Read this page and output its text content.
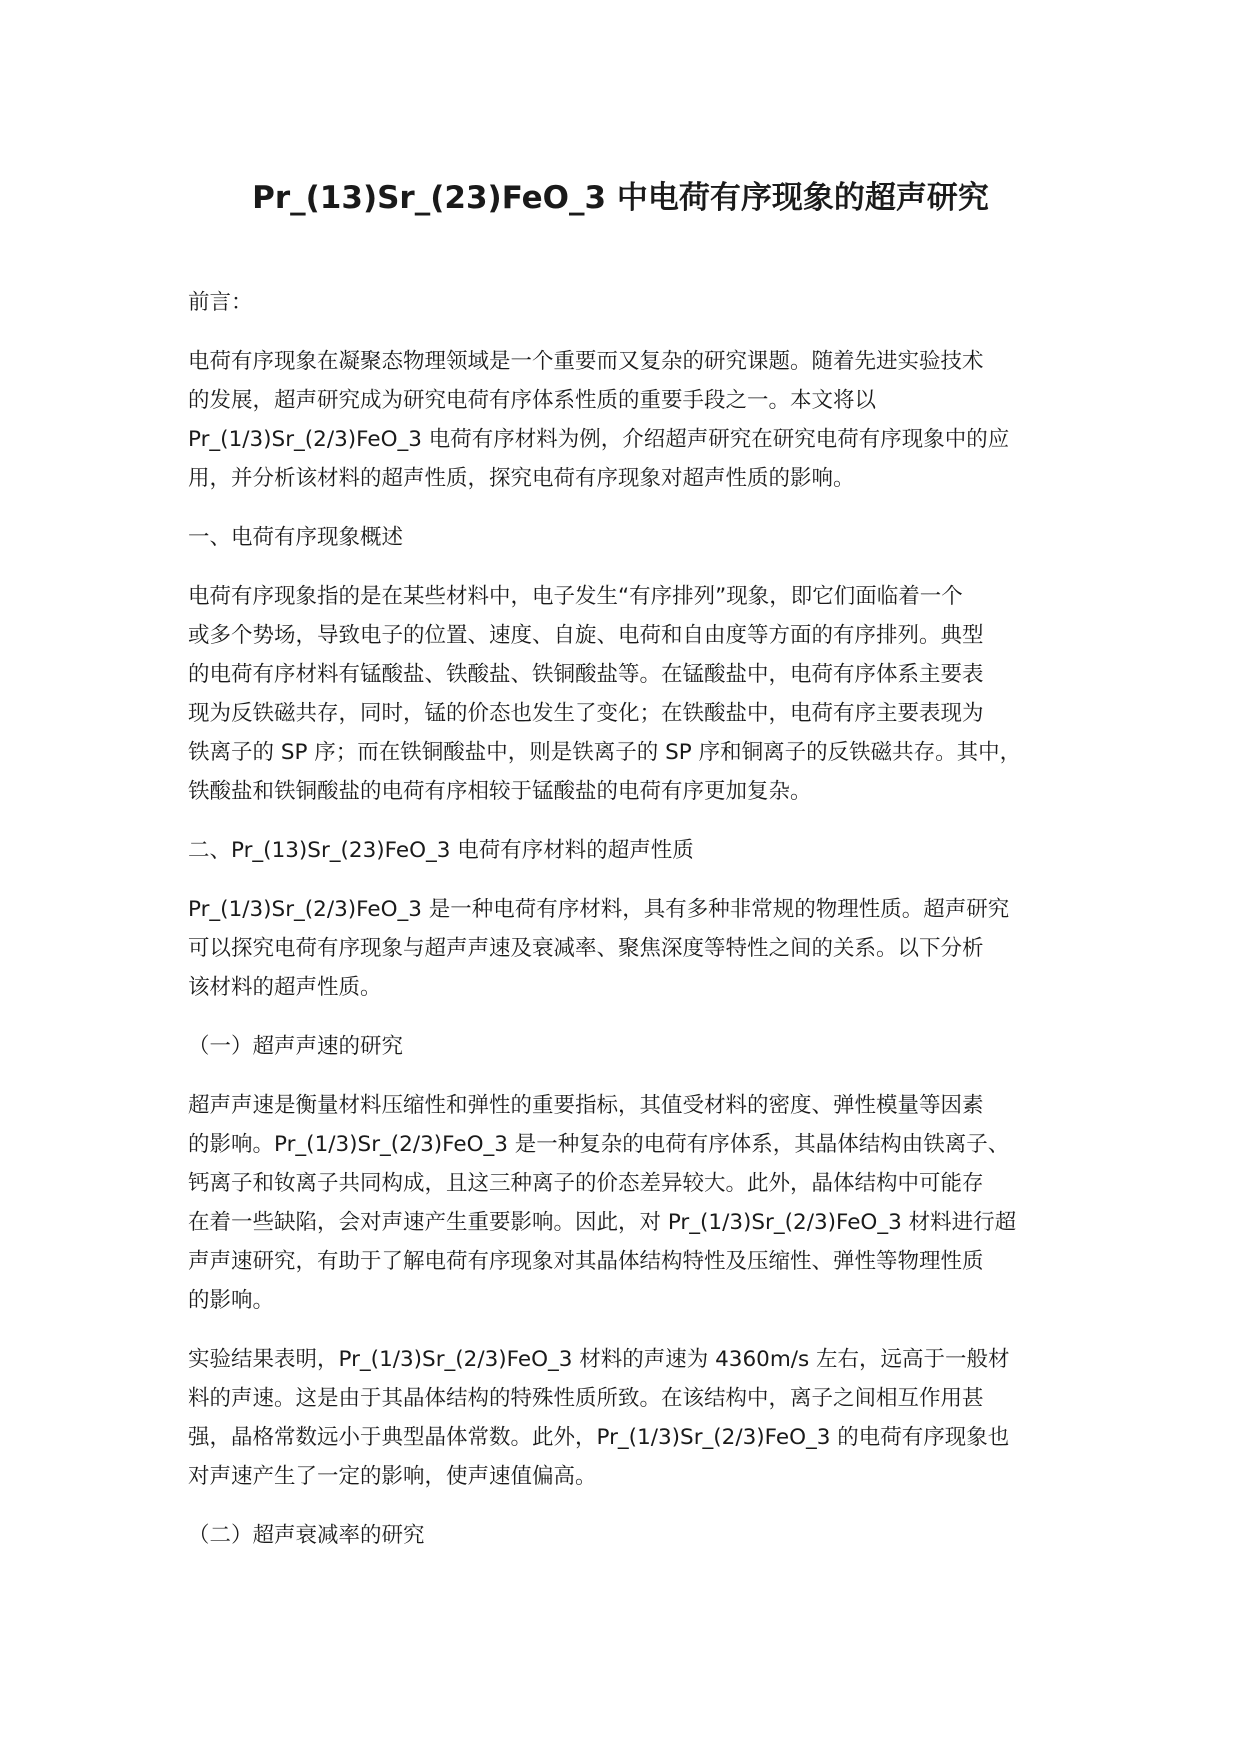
Pr_(13)Sr_(23)FeO_3 中电荷有序现象的超声研究

前言：

电荷有序现象在凝聚态物理领域是一个重要而又复杂的研究课题。随着先进实验技术
的发展，超声研究成为研究电荷有序体系性质的重要手段之一。本文将以
Pr_(1/3)Sr_(2/3)FeO_3 电荷有序材料为例，介绍超声研究在研究电荷有序现象中的应
用，并分析该材料的超声性质，探究电荷有序现象对超声性质的影响。

一、电荷有序现象概述

电荷有序现象指的是在某些材料中，电子发生“有序排列”现象，即它们面临着一个
或多个势场，导致电子的位置、速度、自旋、电荷和自由度等方面的有序排列。典型
的电荷有序材料有锰酸盐、铁酸盐、铁铜酸盐等。在锰酸盐中，电荷有序体系主要表
现为反铁磁共存，同时，锰的价态也发生了变化；在铁酸盐中，电荷有序主要表现为
铁离子的 SP 序；而在铁铜酸盐中，则是铁离子的 SP 序和铜离子的反铁磁共存。其中，
铁酸盐和铁铜酸盐的电荷有序相较于锰酸盐的电荷有序更加复杂。

二、Pr_(13)Sr_(23)FeO_3 电荷有序材料的超声性质

Pr_(1/3)Sr_(2/3)FeO_3 是一种电荷有序材料，具有多种非常规的物理性质。超声研究
可以探究电荷有序现象与超声声速及衰减率、聚焦深度等特性之间的关系。以下分析
该材料的超声性质。

（一）超声声速的研究

超声声速是衡量材料压缩性和弹性的重要指标，其值受材料的密度、弹性模量等因素
的影响。Pr_(1/3)Sr_(2/3)FeO_3 是一种复杂的电荷有序体系，其晶体结构由铁离子、
钙离子和钕离子共同构成，且这三种离子的价态差异较大。此外，晶体结构中可能存
在着一些缺陷，会对声速产生重要影响。因此，对 Pr_(1/3)Sr_(2/3)FeO_3 材料进行超
声声速研究，有助于了解电荷有序现象对其晶体结构特性及压缩性、弹性等物理性质
的影响。

实验结果表明，Pr_(1/3)Sr_(2/3)FeO_3 材料的声速为 4360m/s 左右，远高于一般材
料的声速。这是由于其晶体结构的特殊性质所致。在该结构中，离子之间相互作用甚
强，晶格常数远小于典型晶体常数。此外，Pr_(1/3)Sr_(2/3)FeO_3 的电荷有序现象也
对声速产生了一定的影响，使声速值偏高。

（二）超声衰减率的研究
